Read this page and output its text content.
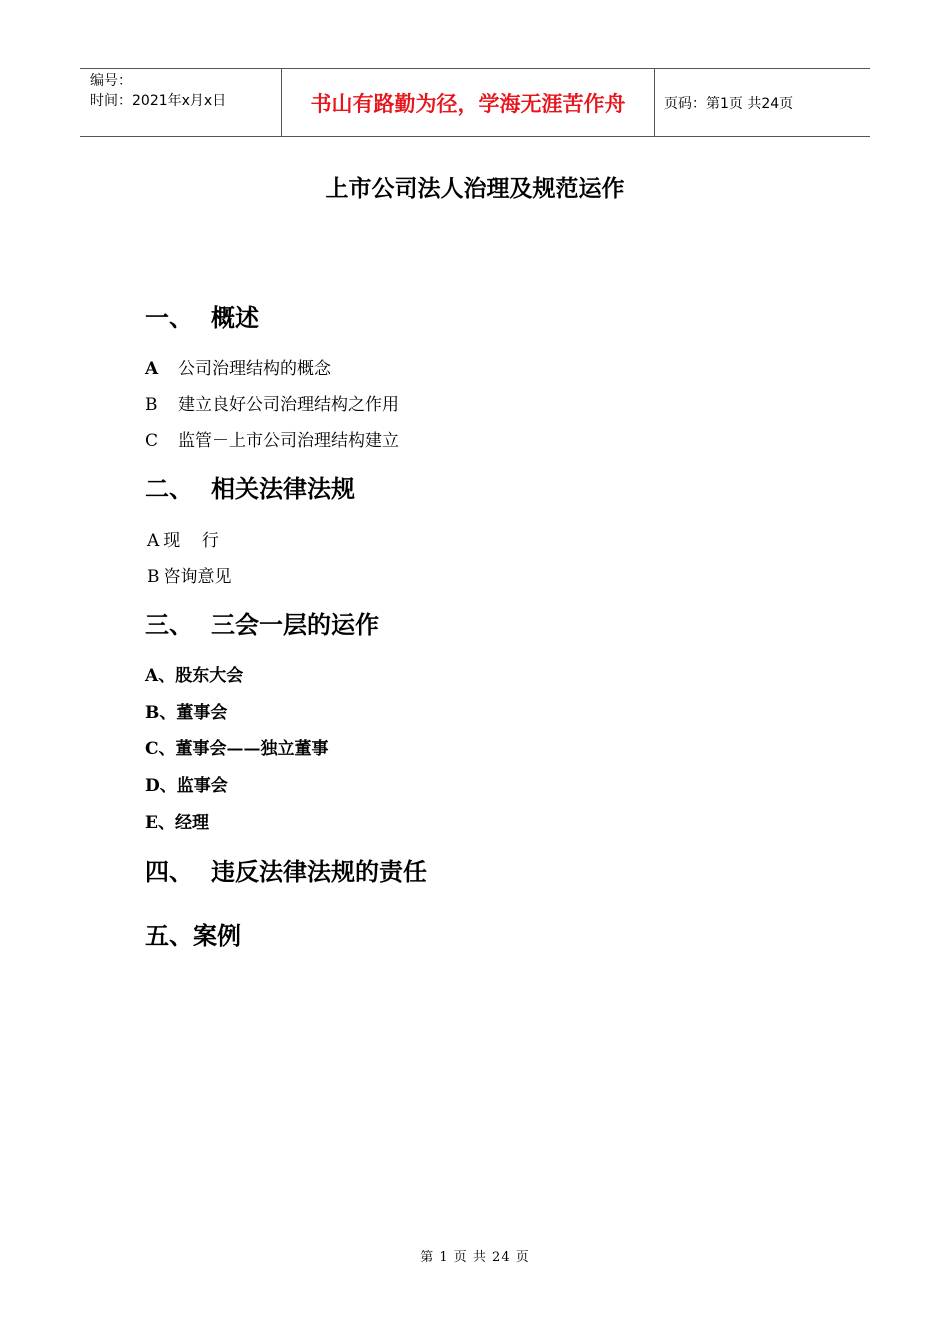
编号：
时间：2021年x月x日	书山有路勤为径，学海无涯苦作舟	页码：第1页 共24页
上市公司法人治理及规范运作
一、 概述
A 公司治理结构的概念
B 建立良好公司治理结构之作用
C 监管－上市公司治理结构建立
二、 相关法律法规
A 现    行
B 咨询意见
三、 三会一层的运作
A、股东大会
B、董事会
C、董事会——独立董事
D、监事会
E、经理
四、 违反法律法规的责任
五、案例
第 1 页 共 24 页
